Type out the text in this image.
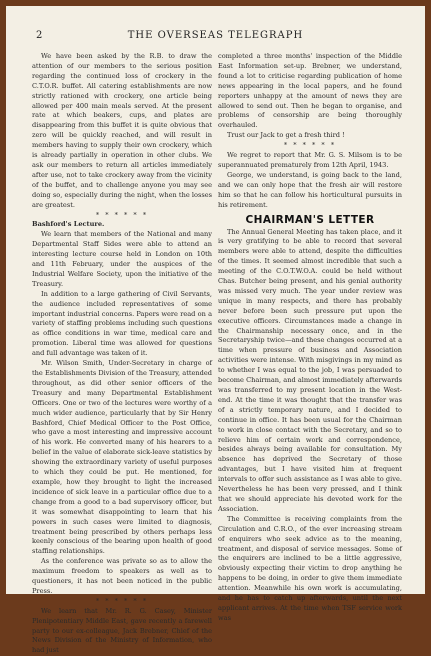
2	THE OVERSEAS TELEGRAPH

We have been asked by the R.B. to draw the attention of our members to the serious position regarding the continued loss of crockery in the C.T.O.R. buffet. All catering establishments are now strictly rationed with crockery, one article being allowed per 400 main meals served. At the present rate at which beakers, cups, and plates are disappearing from this buffet it is quite obvious that zero will be quickly reached, and will result in members having to supply their own crockery, which is already partially in operation in other clubs. We ask our members to return all articles immediately after use, not to take crockery away from the vicinity of the buffet, and to challenge anyone you may see doing so, especially during the night, when the losses are greatest.

* * * * * *

Bashford's Lecture.

We learn that members of the National and many Departmental Staff Sides were able to attend an interesting lecture course held in London on 10th and 11th February, under the auspices of the Industrial Welfare Society, upon the initiative of the Treasury.

In addition to a large gathering of Civil Servants, the audience included representatives of some important industrial concerns. Papers were read on a variety of staffing problems including such questions as office conditions in war time, medical care and promotion. Liberal time was allowed for questions and full advantage was taken of it.

Mr. Wilson Smith, Under-Secretary in charge of the Establishments Division of the Treasury, attended throughout, as did other senior officers of the Treasury and many Departmental Establishment Officers. One or two of the lectures were worthy of a much wider audience, particularly that by Sir Henry Bashford, Chief Medical Officer to the Post Office, who gave a most interesting and impressive account of his work. He converted many of his hearers to a belief in the value of elaborate sick-leave statistics by showing the extraordinary variety of useful purposes to which they could be put. He mentioned, for example, how they brought to light the increased incidence of sick leave in a particular office due to a change from a good to a bad supervisory officer, but it was somewhat disappointing to learn that his powers in such cases were limited to diagnosis, treatment being prescribed by others perhaps less keenly conscious of the bearing upon health of good staffing relationships.

As the conference was private so as to allow the maximum freedom to speakers as well as to questioners, it has not been noticed in the public Press.

* * * * * *

We learn that Mr. R. G. Casey, Minister Plenipotentiary Middle East, gave recently a farewell party to our ex-colleague, Jack Brebner, Chief of the News Division of the Ministry of Information, who had just

completed a three months' inspection of the Middle East Information set-up. Brebner, we understand, found a lot to criticise regarding publication of home news appearing in the local papers, and he found reporters unhappy at the amount of news they are allowed to send out. Then he began to organise, and problems of censorship are being thoroughly overhauled.

Trust our Jack to get a fresh third !

* * * * * *

We regret to report that Mr. G. S. Milsom is to be superannuated prematurely from 12th April, 1943.

George, we understand, is going back to the land, and we can only hope that the fresh air will restore him so that he can follow his horticultural pursuits in his retirement.

CHAIRMAN'S LETTER

The Annual General Meeting has taken place, and it is very gratifying to be able to record that several members were able to attend, despite the difficulties of the times. It seemed almost incredible that such a meeting of the C.O.T.W.O.A. could be held without Chas. Butcher being present, and his genial authority was missed very much. The year under review was unique in many respects, and there has probably never before been such pressure put upon the executive officers. Circumstances made a change in the Chairmanship necessary once, and in the Secretaryship twice—and these changes occurred at a time when pressure of business and Association activities were intense. With misgivings in my mind as to whether I was equal to the job, I was persuaded to become Chairman, and almost immediately afterwards was transferred to my present location in the West-end. At the time it was thought that the transfer was of a strictly temporary nature, and I decided to continue in office. It has been usual for the Chairman to work in close contact with the Secretary, and so to relieve him of certain work and correspondence, besides always being available for consultation. My absence has deprived the Secretary of those advantages, but I have visited him at frequent intervals to offer such assistance as I was able to give. Nevertheless he has been very pressed, and I think that we should appreciate his devoted work for the Association.

The Committee is receiving complaints from the Circulation and C.R.O., of the ever increasing stream of enquirers who seek advice as to the meaning, treatment, and disposal of service messages. Some of the enquirers are inclined to be a little aggressive, obviously expecting their victim to drop anything he happens to be doing, in order to give them immediate attention. Meanwhile his own work is accumulating, and he has to catch up afterwards, until the next applicant arrives. At the time when TSF service work was
